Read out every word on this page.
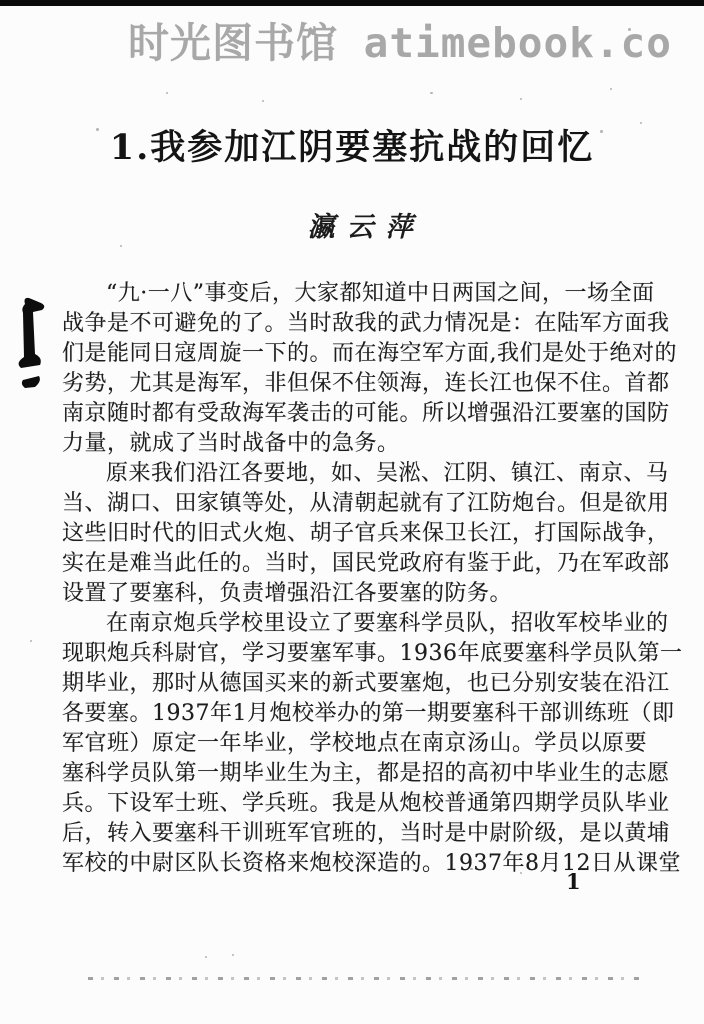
时光图书馆 atimebook.co
1.我参加江阴要塞抗战的回忆
瀛云萍
“九·一八”事变后，大家都知道中日两国之间，一场全面
战争是不可避免的了。当时敌我的武力情况是：在陆军方面我
们是能同日寇周旋一下的。而在海空军方面,我们是处于绝对的
劣势，尤其是海军，非但保不住领海，连长江也保不住。首都
南京随时都有受敌海军袭击的可能。所以增强沿江要塞的国防
力量，就成了当时战备中的急务。
原来我们沿江各要地，如、吴淞、江阴、镇江、南京、马
当、湖口、田家镇等处，从清朝起就有了江防炮台。但是欲用
这些旧时代的旧式火炮、胡子官兵来保卫长江，打国际战争，
实在是难当此任的。当时，国民党政府有鉴于此，乃在军政部
设置了要塞科，负责增强沿江各要塞的防务。
在南京炮兵学校里设立了要塞科学员队，招收军校毕业的
现职炮兵科尉官，学习要塞军事。1936年底要塞科学员队第一
期毕业，那时从德国买来的新式要塞炮，也已分别安装在沿江
各要塞。1937年1月炮校举办的第一期要塞科干部训练班（即
军官班）原定一年毕业，学校地点在南京汤山。学员以原要
塞科学员队第一期毕业生为主，都是招的高初中毕业生的志愿
兵。下设军士班、学兵班。我是从炮校普通第四期学员队毕业
后，转入要塞科干训班军官班的，当时是中尉阶级，是以黄埔
军校的中尉区队长资格来炮校深造的。1937年8月12日从课堂
1
